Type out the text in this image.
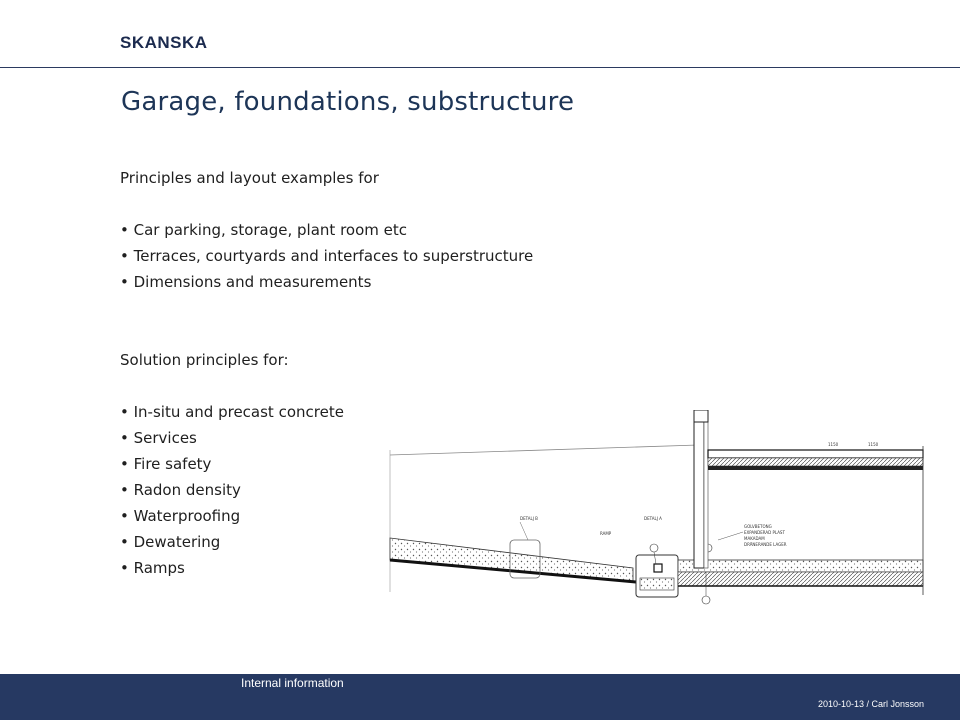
SKANSKA
Garage, foundations, substructure
Principles and layout examples for
• Car parking, storage, plant room etc
• Terraces, courtyards and interfaces to superstructure
• Dimensions and measurements
Solution principles for:
• In-situ and precast concrete
• Services
• Fire safety
• Radon density
• Waterproofing
• Dewatering
• Ramps
DETALJ B
RAMP
DETALJ A
1150	1150
GOLVBETONG
EXPANDERAD PLAST
MAKADAM
DRÄNERANDE LAGER
Internal information
2010-10-13 / Carl Jonsson
